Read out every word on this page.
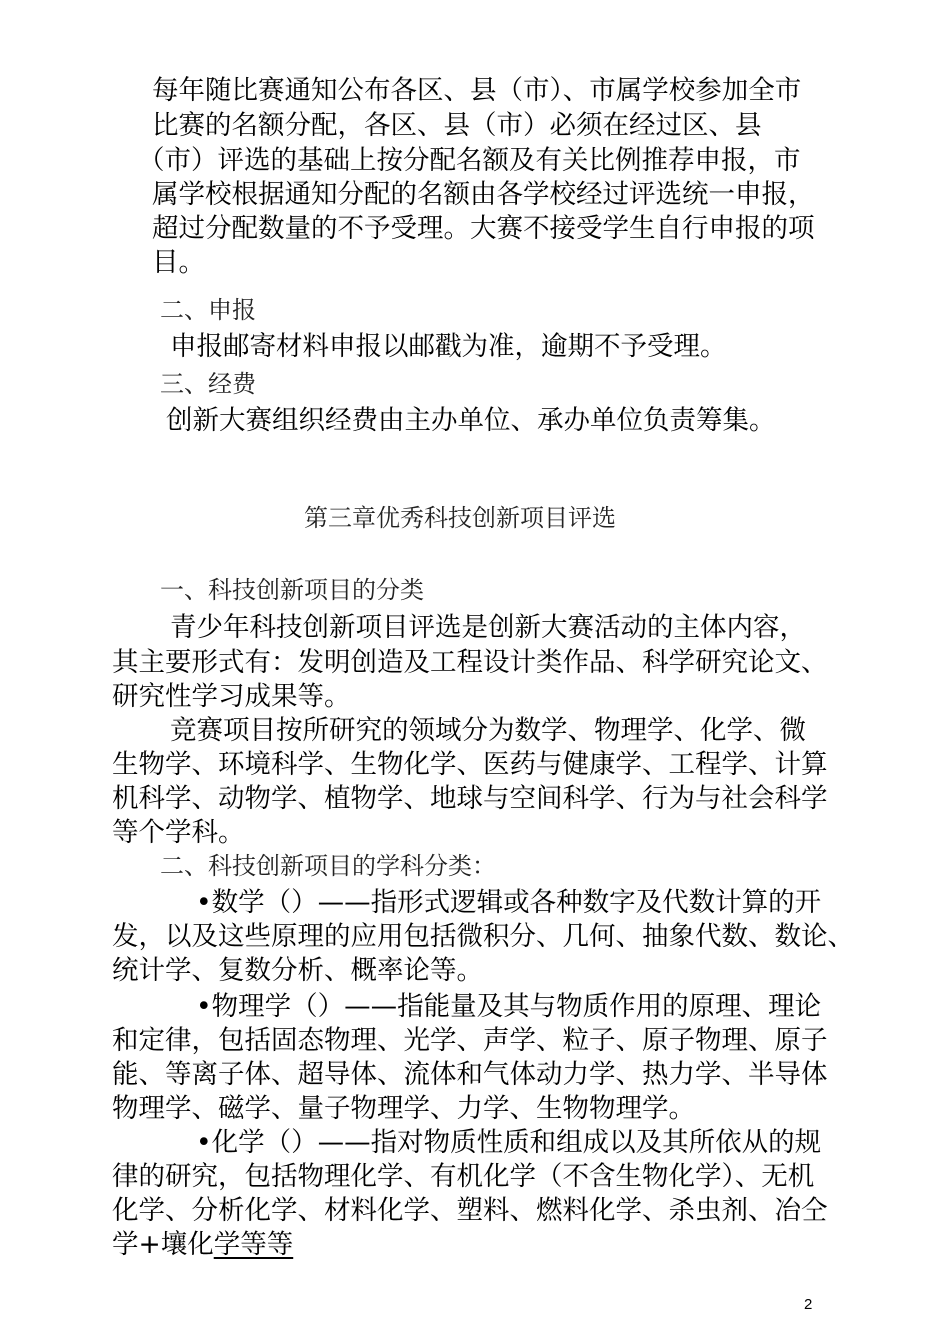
每年随比赛通知公布各区、县（市）、市属学校参加全市

比赛的名额分配，各区、县（市）必须在经过区、县

（市）评选的基础上按分配名额及有关比例推荐申报，市

属学校根据通知分配的名额由各学校经过评选统一申报，

超过分配数量的不予受理。大赛不接受学生自行申报的项

目。

二、申报

申报邮寄材料申报以邮戳为准，逾期不予受理。

三、经费

创新大赛组织经费由主办单位、承办单位负责筹集。

第三章优秀科技创新项目评选

一、科技创新项目的分类

青少年科技创新项目评选是创新大赛活动的主体内容，

其主要形式有：发明创造及工程设计类作品、科学研究论文、

研究性学习成果等。

竞赛项目按所研究的领域分为数学、物理学、化学、微

生物学、环境科学、生物化学、医药与健康学、工程学、计算

机科学、动物学、植物学、地球与空间科学、行为与社会科学

等个学科。

二、科技创新项目的学科分类：

•数学（）——指形式逻辑或各种数字及代数计算的开

发，以及这些原理的应用包括微积分、几何、抽象代数、数论、

统计学、复数分析、概率论等。

•物理学（）——指能量及其与物质作用的原理、理论

和定律，包括固态物理、光学、声学、粒子、原子物理、原子

能、等离子体、超导体、流体和气体动力学、热力学、半导体

物理学、磁学、量子物理学、力学、生物物理学。

•化学（）——指对物质性质和组成以及其所依从的规

律的研究，包括物理化学、有机化学（不含生物化学）、无机

化学、分析化学、材料化学、塑料、燃料化学、杀虫剂、冶仝

学+壤化学等等

2
